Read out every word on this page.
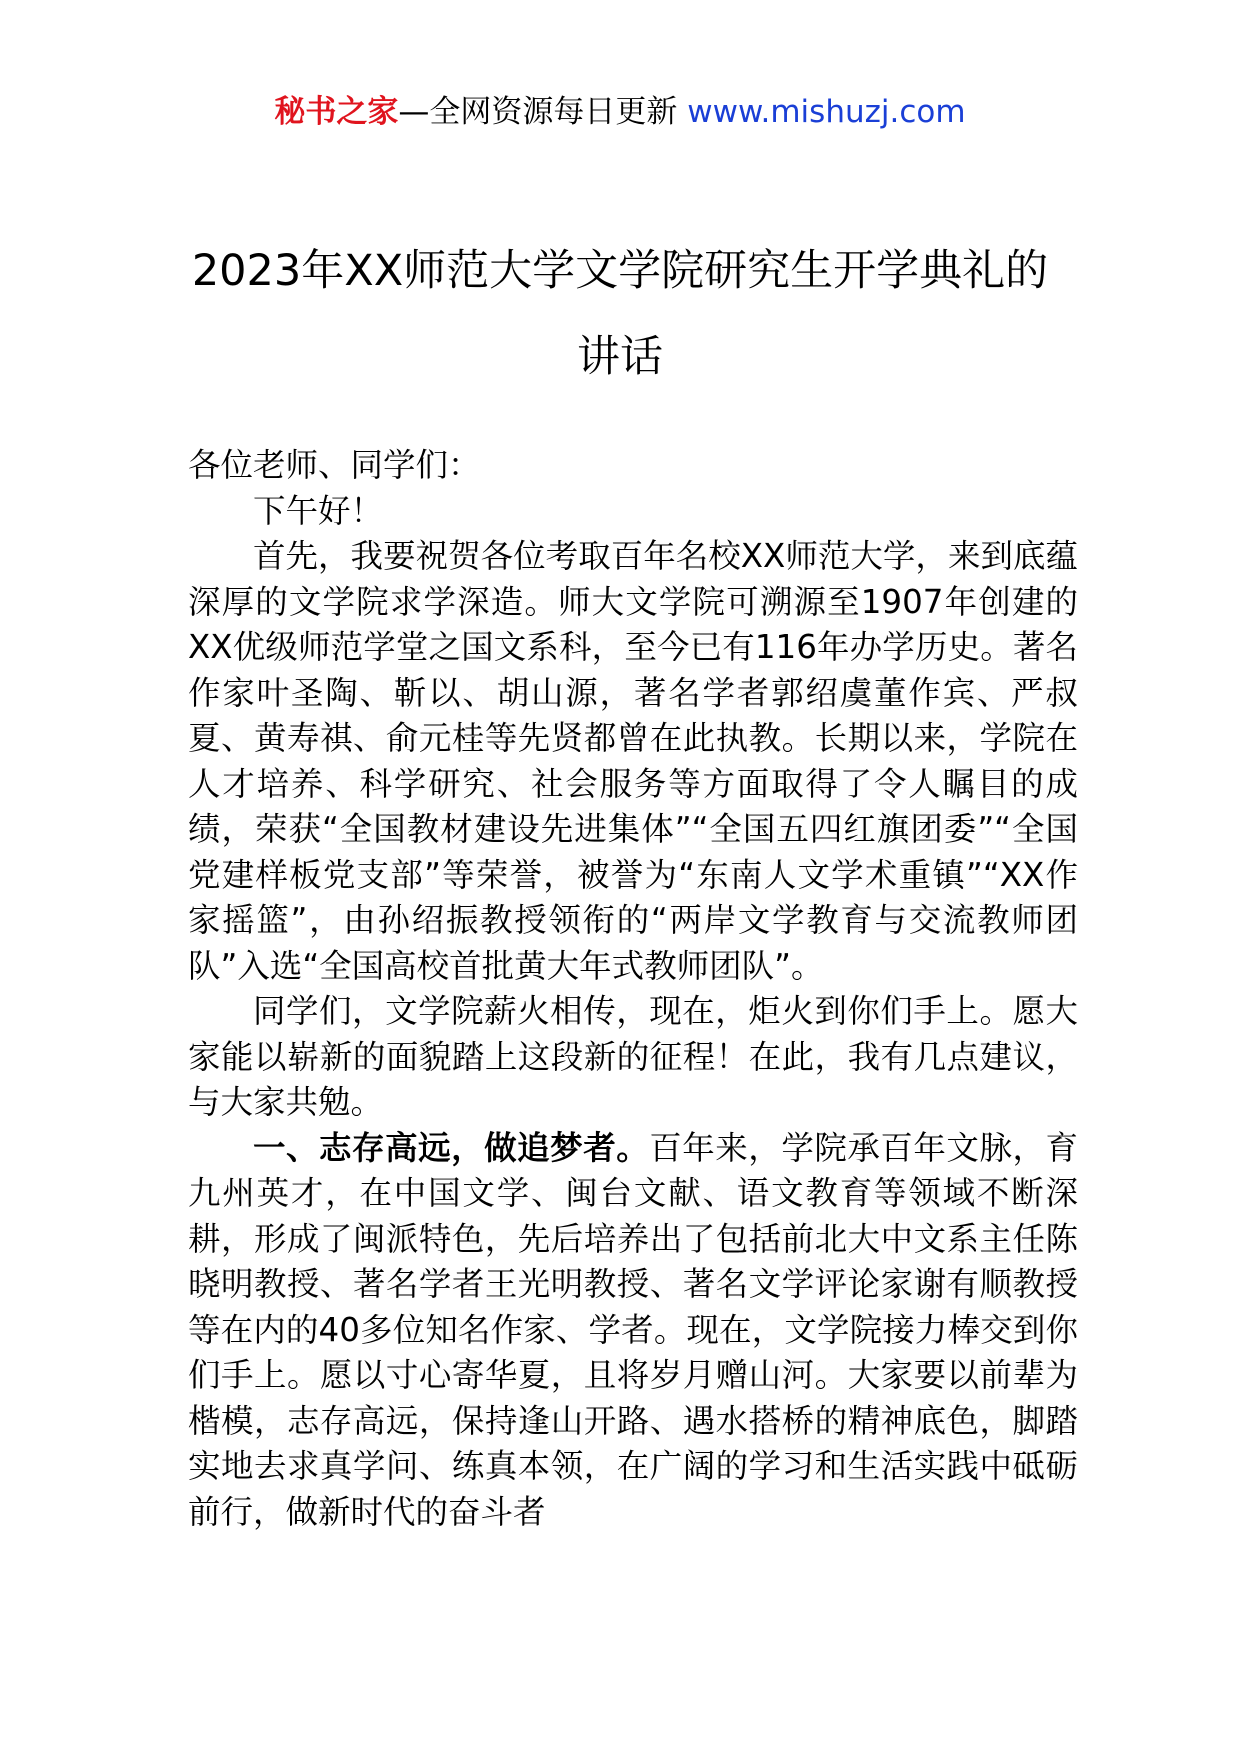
秘书之家—全网资源每日更新 www.mishuzj.com
2023年XX师范大学文学院研究生开学典礼的讲话

各位老师、同学们：

下午好！

首先，我要祝贺各位考取百年名校XX师范大学，来到底蕴深厚的文学院求学深造。师大文学院可溯源至1907年创建的XX优级师范学堂之国文系科，至今已有116年办学历史。著名作家叶圣陶、靳以、胡山源，著名学者郭绍虞董作宾、严叔夏、黄寿祺、俞元桂等先贤都曾在此执教。长期以来，学院在人才培养、科学研究、社会服务等方面取得了令人瞩目的成绩，荣获“全国教材建设先进集体”“全国五四红旗团委”“全国党建样板党支部”等荣誉，被誉为“东南人文学术重镇”“XX作家摇篮”，由孙绍振教授领衔的“两岸文学教育与交流教师团队”入选“全国高校首批黄大年式教师团队”。

同学们，文学院薪火相传，现在，炬火到你们手上。愿大家能以崭新的面貌踏上这段新的征程！在此，我有几点建议，与大家共勉。

一、志存高远，做追梦者。百年来，学院承百年文脉，育九州英才，在中国文学、闽台文献、语文教育等领域不断深耕，形成了闽派特色，先后培养出了包括前北大中文系主任陈晓明教授、著名学者王光明教授、著名文学评论家谢有顺教授等在内的40多位知名作家、学者。现在，文学院接力棒交到你们手上。愿以寸心寄华夏，且将岁月赠山河。大家要以前辈为楷模，志存高远，保持逢山开路、遇水搭桥的精神底色，脚踏实地去求真学问、练真本领，在广阔的学习和生活实践中砥砺前行，做新时代的奋斗者
